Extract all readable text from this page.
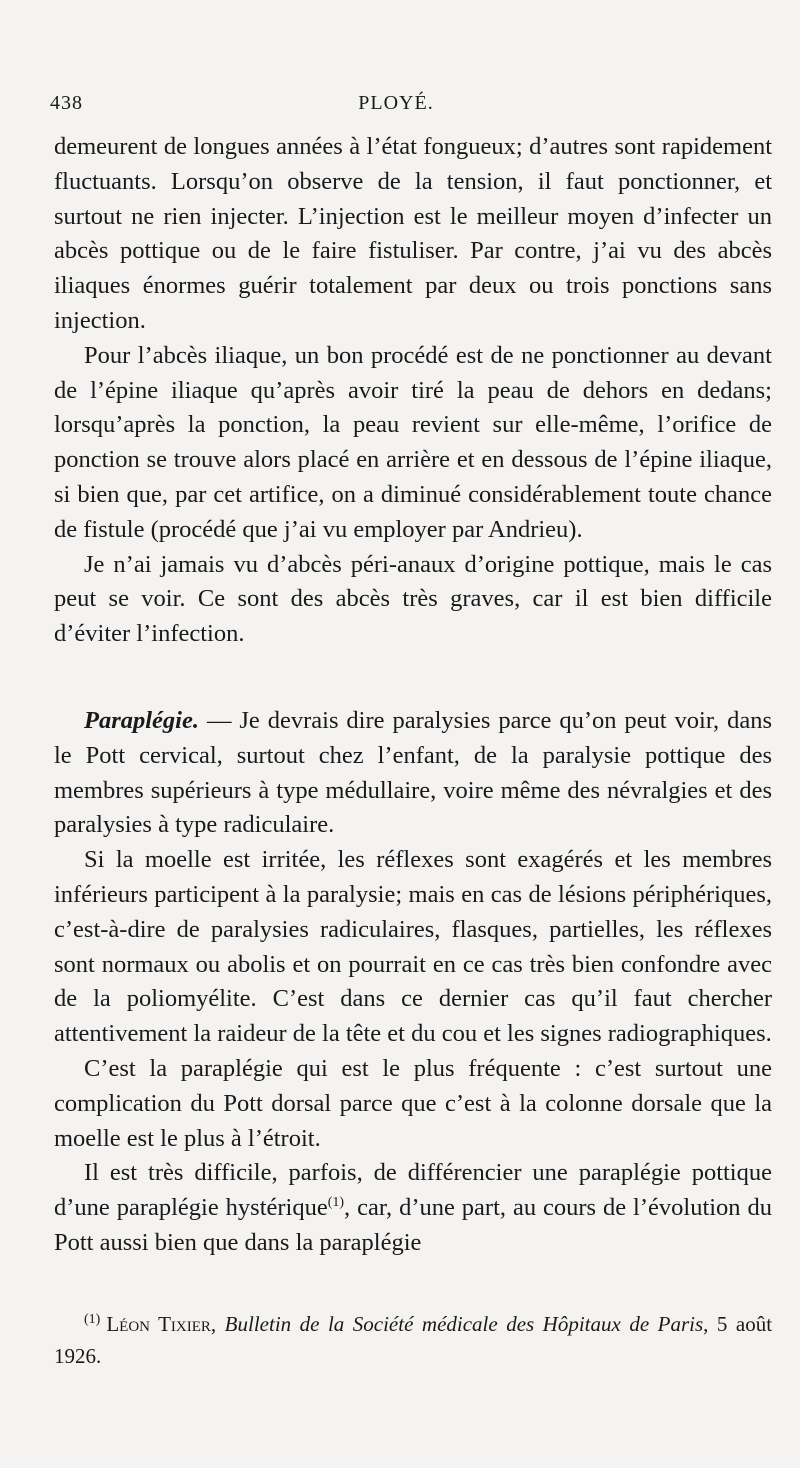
438	PLOYÉ.

demeurent de longues années à l’état fongueux; d’autres sont rapidement fluctuants. Lorsqu’on observe de la tension, il faut ponctionner, et surtout ne rien injecter. L’injection est le meilleur moyen d’infecter un abcès pottique ou de le faire fistuliser. Par contre, j’ai vu des abcès iliaques énormes guérir totalement par deux ou trois ponctions sans injection.

Pour l’abcès iliaque, un bon procédé est de ne ponctionner au devant de l’épine iliaque qu’après avoir tiré la peau de dehors en dedans; lorsqu’après la ponction, la peau revient sur elle-même, l’orifice de ponction se trouve alors placé en arrière et en dessous de l’épine iliaque, si bien que, par cet artifice, on a diminué considérablement toute chance de fistule (procédé que j’ai vu employer par Andrieu).

Je n’ai jamais vu d’abcès péri-anaux d’origine pottique, mais le cas peut se voir. Ce sont des abcès très graves, car il est bien difficile d’éviter l’infection.

Paraplégie. — Je devrais dire paralysies parce qu’on peut voir, dans le Pott cervical, surtout chez l’enfant, de la paralysie pottique des membres supérieurs à type médullaire, voire même des névralgies et des paralysies à type radiculaire.

Si la moelle est irritée, les réflexes sont exagérés et les membres inférieurs participent à la paralysie; mais en cas de lésions périphériques, c’est-à-dire de paralysies radiculaires, flasques, partielles, les réflexes sont normaux ou abolis et on pourrait en ce cas très bien confondre avec de la poliomyélite. C’est dans ce dernier cas qu’il faut chercher attentivement la raideur de la tête et du cou et les signes radiographiques.

C’est la paraplégie qui est le plus fréquente : c’est surtout une complication du Pott dorsal parce que c’est à la colonne dorsale que la moelle est le plus à l’étroit.

Il est très difficile, parfois, de différencier une paraplégie pottique d’une paraplégie hystérique$^{(1)}$, car, d’une part, au cours de l’évolution du Pott aussi bien que dans la paraplégie

$^{(1)}$ Léon Tixier, Bulletin de la Société médicale des Hôpitaux de Paris, 5 août 1926.
